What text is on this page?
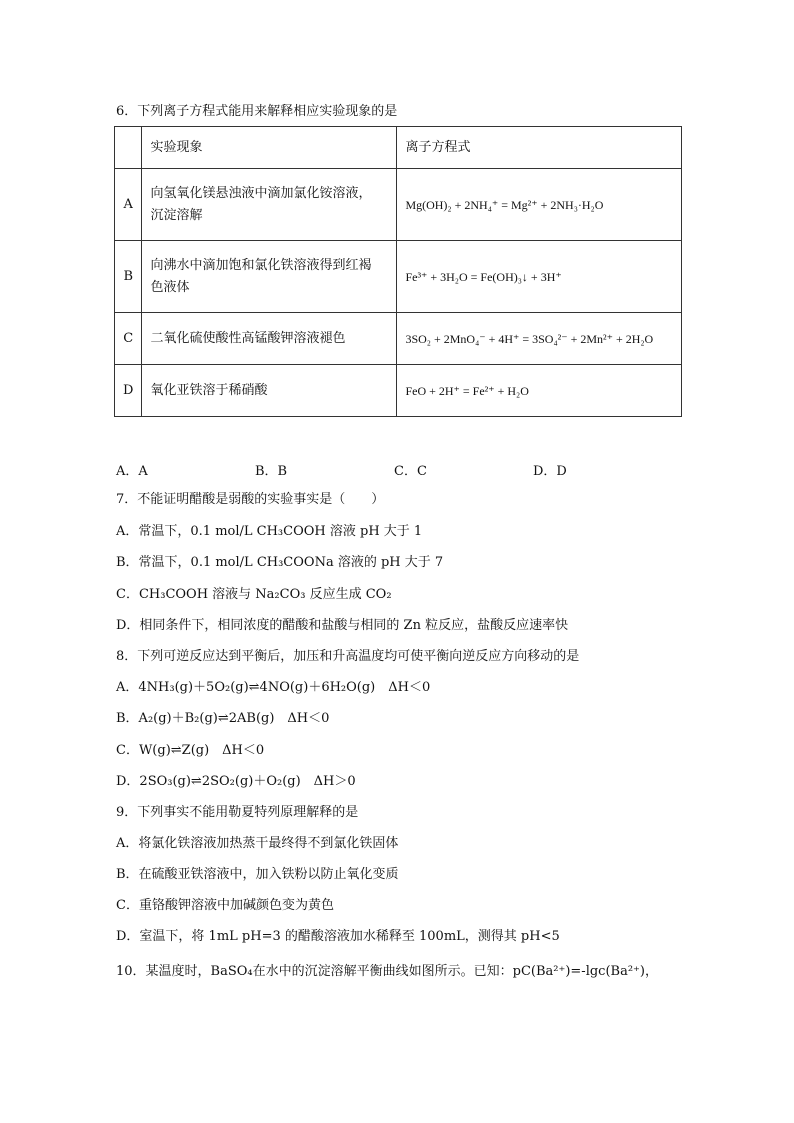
6．下列离子方程式能用来解释相应实验现象的是
	实验现象	离子方程式
A	向氢氧化镁悬浊液中滴加氯化铵溶液，
沉淀溶解	Mg(OH)₂ + 2NH₄⁺ = Mg²⁺ + 2NH₃·H₂O
B	向沸水中滴加饱和氯化铁溶液得到红褐
色液体	Fe³⁺ + 3H₂O = Fe(OH)₃↓ + 3H⁺
C	二氧化硫使酸性高锰酸钾溶液褪色	3SO₂ + 2MnO₄⁻ + 4H⁺ = 3SO₄²⁻ + 2Mn²⁺ + 2H₂O
D	氧化亚铁溶于稀硝酸	FeO + 2H⁺ = Fe²⁺ + H₂O
A．A	B．B	C．C	D．D
7．不能证明醋酸是弱酸的实验事实是（　　）
A．常温下，0.1 mol/L CH₃COOH 溶液 pH 大于 1
B．常温下，0.1 mol/L CH₃COONa 溶液的 pH 大于 7
C．CH₃COOH 溶液与 Na₂CO₃ 反应生成 CO₂
D．相同条件下，相同浓度的醋酸和盐酸与相同的 Zn 粒反应，盐酸反应速率快
8．下列可逆反应达到平衡后，加压和升高温度均可使平衡向逆反应方向移动的是
A．4NH₃(g)＋5O₂(g)⇌4NO(g)＋6H₂O(g)　ΔH＜0
B．A₂(g)＋B₂(g)⇌2AB(g)　ΔH＜0
C．W(g)⇌Z(g)　ΔH＜0
D．2SO₃(g)⇌2SO₂(g)＋O₂(g)　ΔH＞0
9．下列事实不能用勒夏特列原理解释的是
A．将氯化铁溶液加热蒸干最终得不到氯化铁固体
B．在硫酸亚铁溶液中，加入铁粉以防止氧化变质
C．重铬酸钾溶液中加碱颜色变为黄色
D．室温下，将 1mL pH=3 的醋酸溶液加水稀释至 100mL，测得其 pH<5
10．某温度时，BaSO₄在水中的沉淀溶解平衡曲线如图所示。已知：pC(Ba²⁺)=-lgc(Ba²⁺)，
